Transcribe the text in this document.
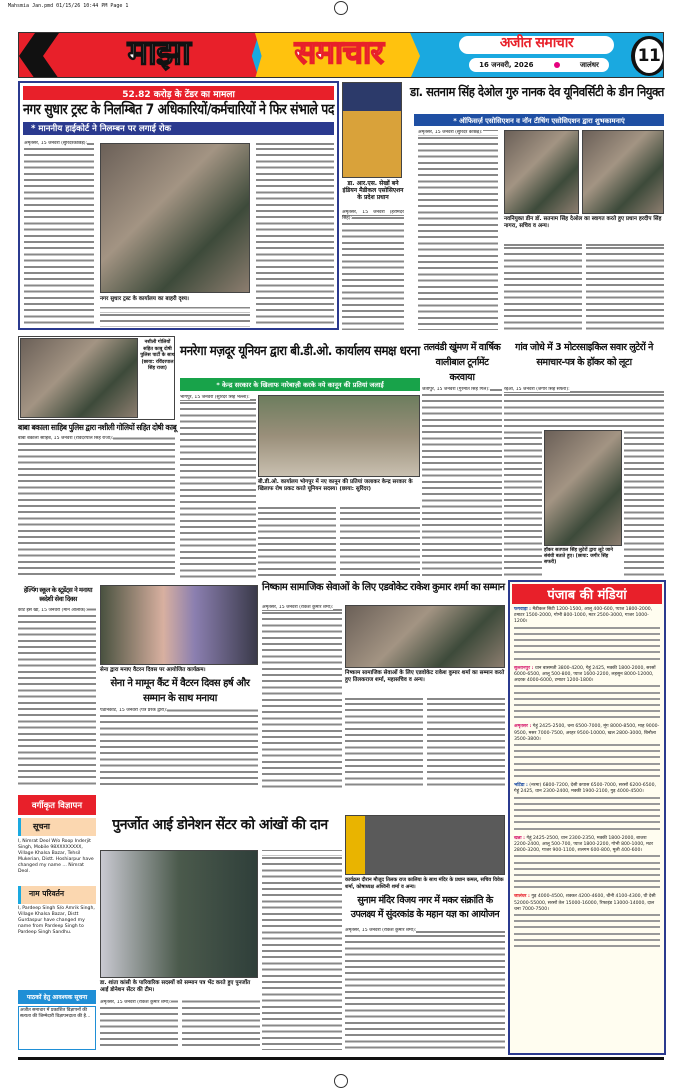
Mahsmia Jan.pmd 01/15/26 10:44 PM Page 1
माझा	समाचार	अजीत समाचार
16 जनवरी, 2026	जालंधर 11
52.82 करोड़ के टेंडर का मामला
नगर सुधार ट्रस्ट के निलम्बित 7 अधिकारियों/कर्मचारियों ने फिर संभाले पद
* माननीय हाईकोर्ट ने निलम्बन पर लगाई रोक
अमृतसर, 15 जनवरी (सुरिंदरकोछड़):
नगर सुधार ट्रस्ट के कार्यालय का बाहरी दृश्य।
डा. आर.एस. सेखों बने इंडियन मैडीकल एसोसिएशन के प्रदेश प्रधान
अमृतसर, 15 जनवरी (हरमिंदर सिंह):
डा. सतनाम सिंह देओल गुरु नानक देव यूनिवर्सिटी के डीन नियुक्त
* ऑफिसर्ज़ एसोसिएशन व नॉन टीचिंग एसोसिएशन द्वारा शुभकामनाएं
अमृतसर, 15 जनवरी (सुरिंदर कोछड़):
नवनियुक्त डीन डॉ. सतनाम सिंह देओल का स्वागत करते हुए प्रधान हरदीप सिंह नागरा, सचिव व अन्य।
नशीली गोलियों सहित काबू दोषी पुलिस पार्टी के साथ (छाया: रविंदरपाल सिंह राजा)
बाबा बकाला साहिब पुलिस द्वारा नशीली गोलियों सहित दोषी काबू
बाबा बकाला साहिब, 15 जनवरी (रविंदरपाल सिंह राजा):
मनरेगा मज़दूर यूनियन द्वारा बी.डी.ओ. कार्यालय समक्ष धरना
* केन्द्र सरकार के खिलाफ नारेबाज़ी करके नये कानून की प्रतियां जलाईं
भोगपुर, 15 जनवरी (सुरिंदर सिंह भल्ला):
बी.डी.ओ. कार्यालय भोगपुर में नए कानून की प्रतियां जलाकर केन्द्र सरकार के खिलाफ रोष प्रकट करते यूनियन सदस्य। (छाया: सुरिंदर)
तलवंडी खुंमण में वार्षिक वालीबाल टूर्नामेंट करवाया
जैतीपुर, 15 जनवरी (गुरमीत सिंह गिल):
गांव जोधे में 3 मोटरसाइकिल सवार लुटेरों ने समाचार-पत्र के हॉकर को लूटा
रईआ, 15 जनवरी (जगीर सिंह सफरी):
हॉकर सतपाल सिंह लुटेरों द्वारा लूटे जाने संबंधी बताते हुए। (छाया: जगीर सिंह सफरी)
हेल्पिंग स्कूल के स्टूडेंट्स ने मनाया स्वदेशी सेवा दिवस
कोट ईसे खां, 15 जनवरी (माने आलोक):
सेना द्वारा मनाए वैटरन दिवस पर आयोजित कार्यक्रम।
सेना ने मामून कैंट में वैटरन दिवस हर्ष और सम्मान के साथ मनाया
पठानकोट, 15 जनवरी (पत्र प्रेरक द्वारा):
निष्काम सामाजिक सेवाओं के लिए एडवोकेट राकेश कुमार शर्मा का सम्मान
अमृतसर, 15 जनवरी (राकेश कुमार शर्मा):
निष्काम सामाजिक सेवाओं के लिए एडवोकेट राकेश कुमार शर्मा का सम्मान करते हुए तिलकराज शर्मा, महासचिव व अन्य।
वर्गीकृत विज्ञापन
सूचना
I, Nimrat Deol W/o Roop Inderjit Singh, Mobile 98XXXXXXXX, Village Khalsa Bazar, Tehsil Mukerian, Distt. Hoshiarpur have changed my name ... Nimrat Deol.
नाम परिवर्तन
I, Pardeep Singh S/o Amrik Singh, Village Khalsa Bazar, Distt Gurdaspur have changed my name from Pardeep Singh to Pardeep Singh Sandhu.
पाठकों हेतु आवश्यक सूचना
अजीत समाचार में प्रकाशित विज्ञापनों की सत्यता की जिम्मेदारी विज्ञापनदाता की है...
पुनर्जोत आई डोनेशन सेंटर को आंखों की दान
डा. शांता कांसी के पारिवारिक सदस्यों को सम्मान पत्र भेंट करते हुए पुनर्जोत आई डोनेशन सेंटर की टीम।
अमृतसर, 15 जनवरी (राकेश कुमार शर्मा):
कार्यक्रम दौरान मौजूद तिलक राज कालिया के साथ मंदिर के प्रधान कमल, सचिव विवेक शर्मा, कोषाध्यक्ष अश्विनी शर्मा व अन्य।
सुनाम मंदिर विजय नगर में मकर संक्रांति के उपलक्ष्य में सुंदरकांड के महान यज्ञ का आयोजन
अमृतसर, 15 जनवरी (राकेश कुमार शर्मा):
पंजाब की मंडियां
फगवाड़ा : मैडीकल सिटी 1200-1500, आलू 400-600, प्याज 1800-2000, टमाटर 1500-2000, गोभी 800-1000, मटर 2500-3000, गाजर 1000-1200।
सुल्तानपुर : धान बासमती 3800-4200, गेहूं 2425, मक्की 1800-2000, सरसों 6000-6500, आलू 500-800, प्याज 1600-2200, लहसुन 8000-12000, अदरक 4000-6000, टमाटर 1200-1800।
अमृतसर : गेहूं 2425-2500, चना 6500-7000, मूंग 8000-8500, माह 9000-9500, मसर 7000-7500, अरहर 9500-10000, खल 2800-3000, बिनौला 3500-3800।
भटिंडा : (नरमा) 6800-7200, देसी कपास 6500-7000, सरसों 6200-6500, गेहूं 2425, धान 2300-2400, मक्की 1900-2100, गुड़ 4000-4500।
खन्ना : गेहूं 2425-2500, धान 2300-2350, मक्की 1800-2000, बाजरा 2200-2400, आलू 500-700, प्याज 1800-2200, गोभी 800-1000, मटर 2800-3200, गाजर 900-1100, शलगम 600-800, मूली 400-600।
जालंधर : गुड़ 4000-4500, शक्कर 4200-4600, चीनी 4100-4300, घी देसी 52000-55000, सरसों तेल 15000-16000, रिफाइंड 13000-14000, दाल चना 7000-7500।
